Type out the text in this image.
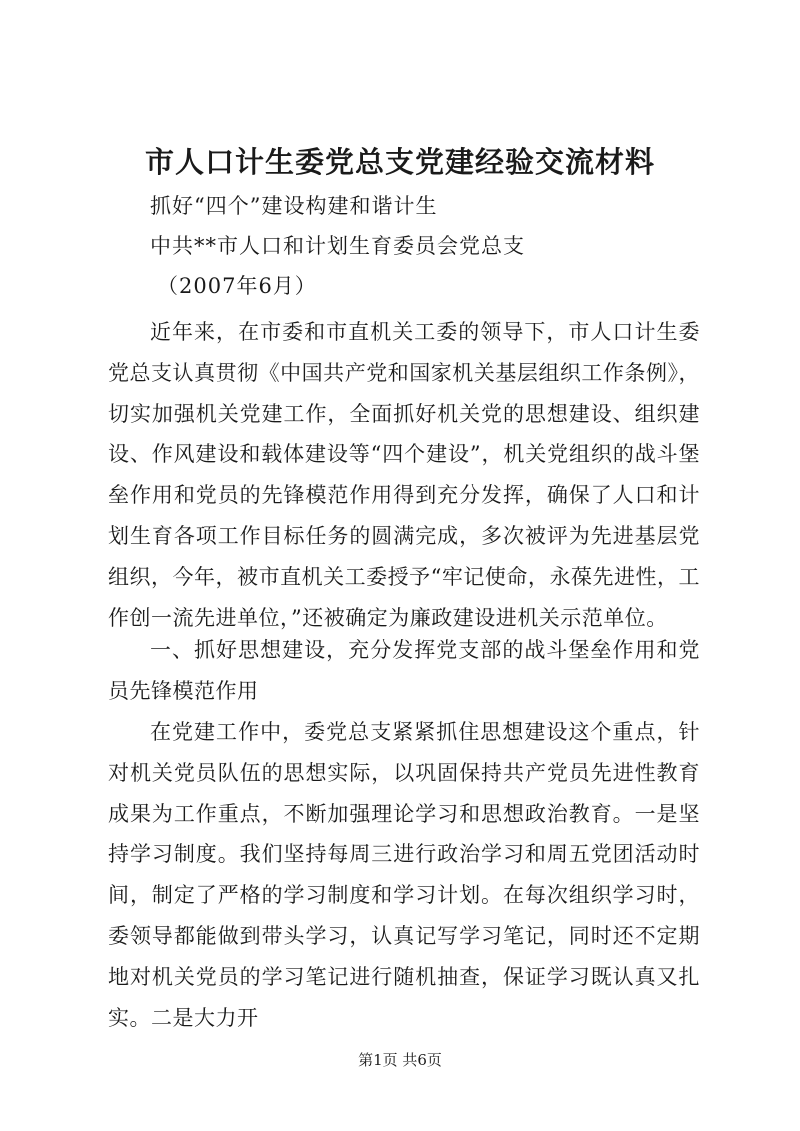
市人口计生委党总支党建经验交流材料
抓好“四个”建设构建和谐计生
中共**市人口和计划生育委员会党总支
（2007年6月）
近年来，在市委和市直机关工委的领导下，市人口计生委党总支认真贯彻《中国共产党和国家机关基层组织工作条例》，切实加强机关党建工作，全面抓好机关党的思想建设、组织建设、作风建设和载体建设等“四个建设”，机关党组织的战斗堡垒作用和党员的先锋模范作用得到充分发挥，确保了人口和计划生育各项工作目标任务的圆满完成，多次被评为先进基层党组织，今年，被市直机关工委授予“牢记使命，永葆先进性，工作创一流先进单位，”还被确定为廉政建设进机关示范单位。
一、抓好思想建设，充分发挥党支部的战斗堡垒作用和党员先锋模范作用
在党建工作中，委党总支紧紧抓住思想建设这个重点，针对机关党员队伍的思想实际，以巩固保持共产党员先进性教育成果为工作重点，不断加强理论学习和思想政治教育。一是坚持学习制度。我们坚持每周三进行政治学习和周五党团活动时间，制定了严格的学习制度和学习计划。在每次组织学习时，委领导都能做到带头学习，认真记写学习笔记，同时还不定期地对机关党员的学习笔记进行随机抽查，保证学习既认真又扎实。二是大力开
第1页 共6页
